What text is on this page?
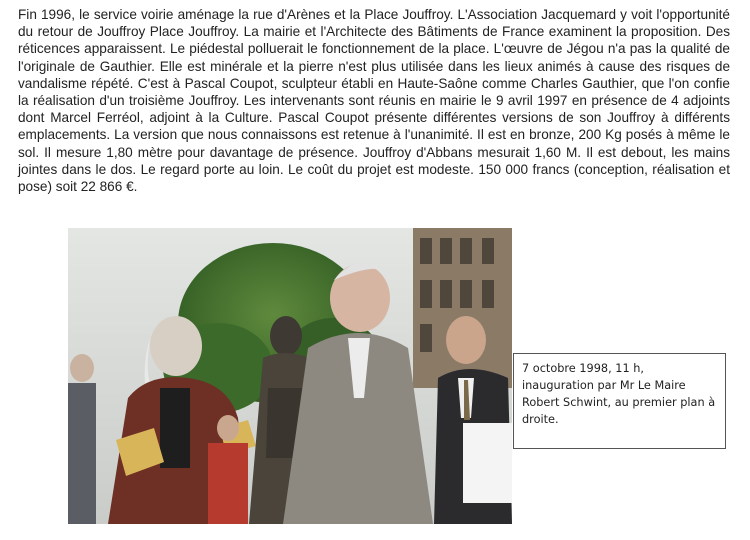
Fin 1996, le service voirie aménage la rue d'Arènes et la Place Jouffroy. L'Association Jacquemard y voit l'opportunité du retour de Jouffroy Place Jouffroy. La mairie et l'Architecte des Bâtiments de France examinent la proposition. Des réticences apparaissent. Le piédestal polluerait le fonctionnement de la place. L'œuvre de Jégou n'a pas la qualité de l'originale de Gauthier. Elle est minérale et la pierre n'est plus utilisée dans les lieux animés à cause des risques de vandalisme répété. C'est à Pascal Coupot, sculpteur établi en Haute-Saône comme Charles Gauthier, que l'on confie la réalisation d'un troisième Jouffroy. Les intervenants sont réunis en mairie le 9 avril 1997 en présence de 4 adjoints dont Marcel Ferréol, adjoint à la Culture. Pascal Coupot présente différentes versions de son Jouffroy à différents emplacements. La version que nous connaissons est retenue à l'unanimité. Il est en bronze, 200 Kg posés à même le sol. Il mesure 1,80 mètre pour davantage de présence. Jouffroy d'Abbans mesurait 1,60 M. Il est debout, les mains jointes dans le dos. Le regard porte au loin. Le coût du projet est modeste. 150 000 francs (conception, réalisation et pose) soit 22 866 €.

7 octobre 1998, 11 h, inauguration par Mr Le Maire Robert Schwint, au premier plan à droite.
